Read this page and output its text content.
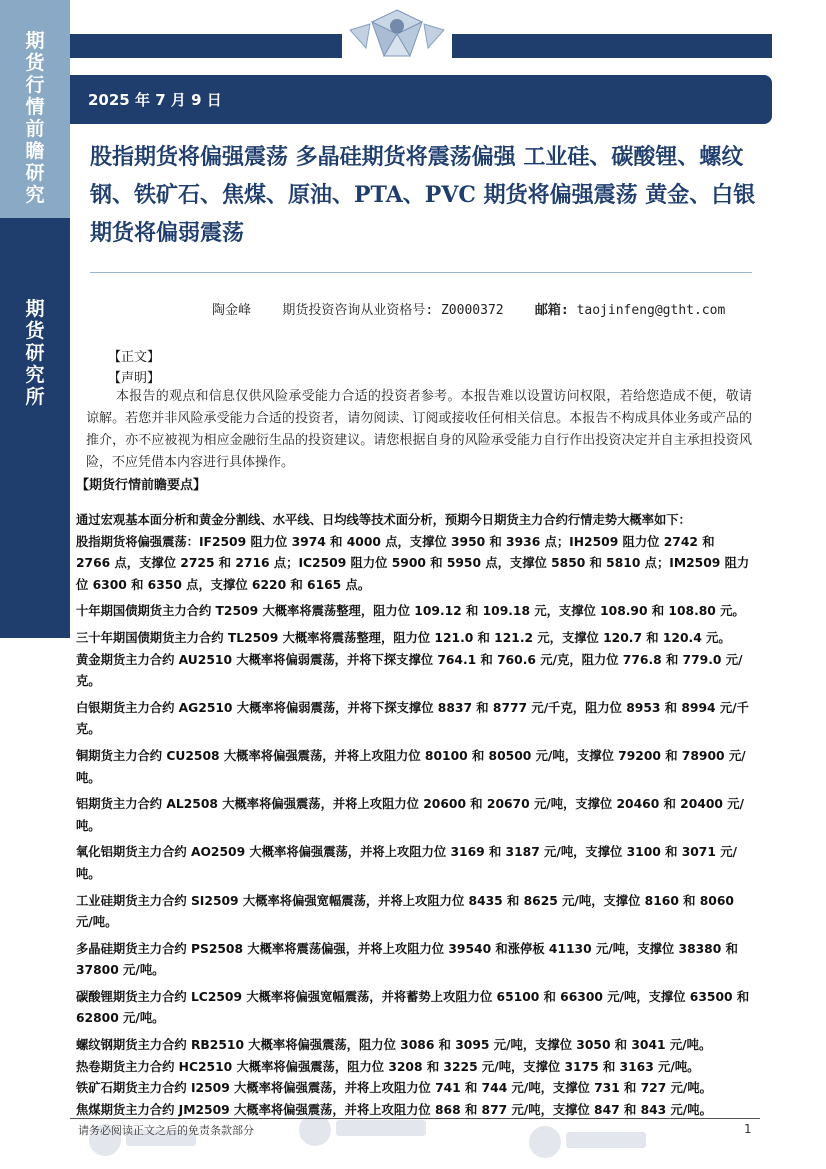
期
货
行
情
前
瞻
研
究
期
货
研
究
所
2025 年 7 月 9 日
股指期货将偏强震荡 多晶硅期货将震荡偏强 工业硅、碳酸锂、螺纹钢、铁矿石、焦煤、原油、PTA、PVC 期货将偏强震荡 黄金、白银期货将偏弱震荡
陶金峰 期货投资咨询从业资格号: Z0000372 邮箱: taojinfeng@gtht.com
【正文】
【声明】
本报告的观点和信息仅供风险承受能力合适的投资者参考。本报告难以设置访问权限，若给您造成不便，敬请谅解。若您并非风险承受能力合适的投资者，请勿阅读、订阅或接收任何相关信息。本报告不构成具体业务或产品的推介，亦不应被视为相应金融衍生品的投资建议。请您根据自身的风险承受能力自行作出投资决定并自主承担投资风险，不应凭借本内容进行具体操作。
【期货行情前瞻要点】

通过宏观基本面分析和黄金分割线、水平线、日均线等技术面分析，预期今日期货主力合约行情走势大概率如下：

股指期货将偏强震荡：IF2509 阻力位 3974 和 4000 点，支撑位 3950 和 3936 点；IH2509 阻力位 2742 和 2766 点，支撑位 2725 和 2716 点；IC2509 阻力位 5900 和 5950 点，支撑位 5850 和 5810 点；IM2509 阻力位 6300 和 6350 点，支撑位 6220 和 6165 点。

十年期国债期货主力合约 T2509 大概率将震荡整理，阻力位 109.12 和 109.18 元，支撑位 108.90 和 108.80 元。

三十年期国债期货主力合约 TL2509 大概率将震荡整理，阻力位 121.0 和 121.2 元，支撑位 120.7 和 120.4 元。

黄金期货主力合约 AU2510 大概率将偏弱震荡，并将下探支撑位 764.1 和 760.6 元/克，阻力位 776.8 和 779.0 元/克。

白银期货主力合约 AG2510 大概率将偏弱震荡，并将下探支撑位 8837 和 8777 元/千克，阻力位 8953 和 8994 元/千克。

铜期货主力合约 CU2508 大概率将偏强震荡，并将上攻阻力位 80100 和 80500 元/吨，支撑位 79200 和 78900 元/吨。

铝期货主力合约 AL2508 大概率将偏强震荡，并将上攻阻力位 20600 和 20670 元/吨，支撑位 20460 和 20400 元/吨。

氧化铝期货主力合约 AO2509 大概率将偏强震荡，并将上攻阻力位 3169 和 3187 元/吨，支撑位 3100 和 3071 元/吨。

工业硅期货主力合约 SI2509 大概率将偏强宽幅震荡，并将上攻阻力位 8435 和 8625 元/吨，支撑位 8160 和 8060 元/吨。

多晶硅期货主力合约 PS2508 大概率将震荡偏强，并将上攻阻力位 39540 和涨停板 41130 元/吨，支撑位 38380 和 37800 元/吨。

碳酸锂期货主力合约 LC2509 大概率将偏强宽幅震荡，并将蓄势上攻阻力位 65100 和 66300 元/吨，支撑位 63500 和 62800 元/吨。

螺纹钢期货主力合约 RB2510 大概率将偏强震荡，阻力位 3086 和 3095 元/吨，支撑位 3050 和 3041 元/吨。

热卷期货主力合约 HC2510 大概率将偏强震荡，阻力位 3208 和 3225 元/吨，支撑位 3175 和 3163 元/吨。

铁矿石期货主力合约 I2509 大概率将偏强震荡，并将上攻阻力位 741 和 744 元/吨，支撑位 731 和 727 元/吨。

焦煤期货主力合约 JM2509 大概率将偏强震荡，并将上攻阻力位 868 和 877 元/吨，支撑位 847 和 843 元/吨。

请务必阅读正文之后的免责条款部分	1
